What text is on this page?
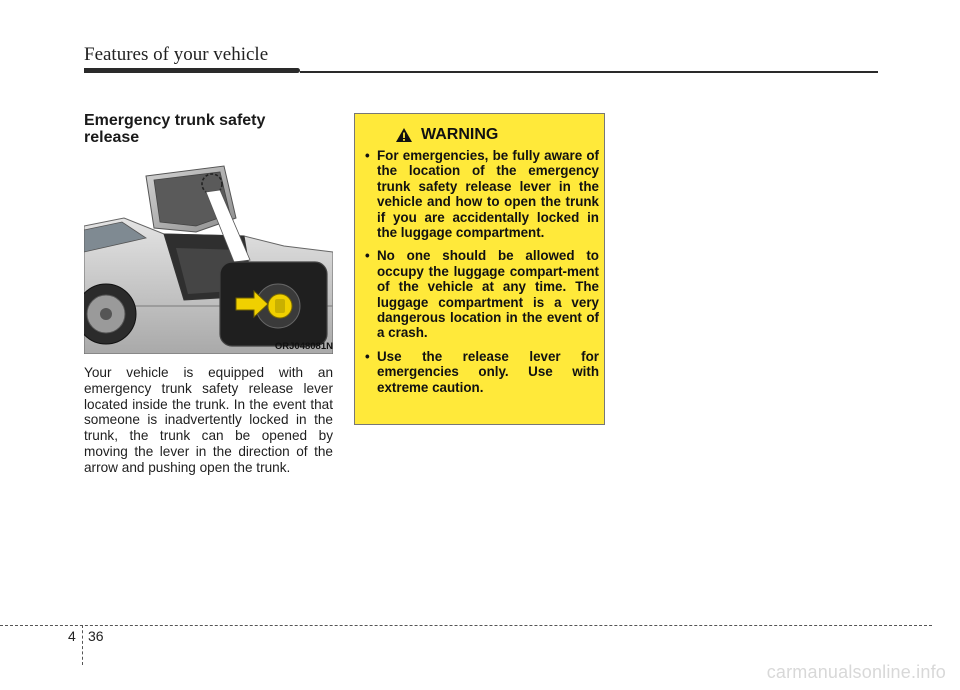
Features of your vehicle
Emergency trunk safety release
ORJ048081N
Your vehicle is equipped with an emergency trunk safety release lever located inside the trunk. In the event that someone is inadvertently locked in the trunk, the trunk can be opened by moving the lever in the direction of the arrow and pushing open the trunk.
WARNING
• For emergencies, be fully aware of the location of the emergency trunk safety release lever in the vehicle and how to open the trunk if you are accidentally locked in the luggage compartment.
• No one should be allowed to occupy the luggage compart-ment of the vehicle at any time. The luggage compartment is a very dangerous location in the event of a crash.
• Use the release lever for emergencies only. Use with extreme caution.
4 36
carmanualsonline.info
